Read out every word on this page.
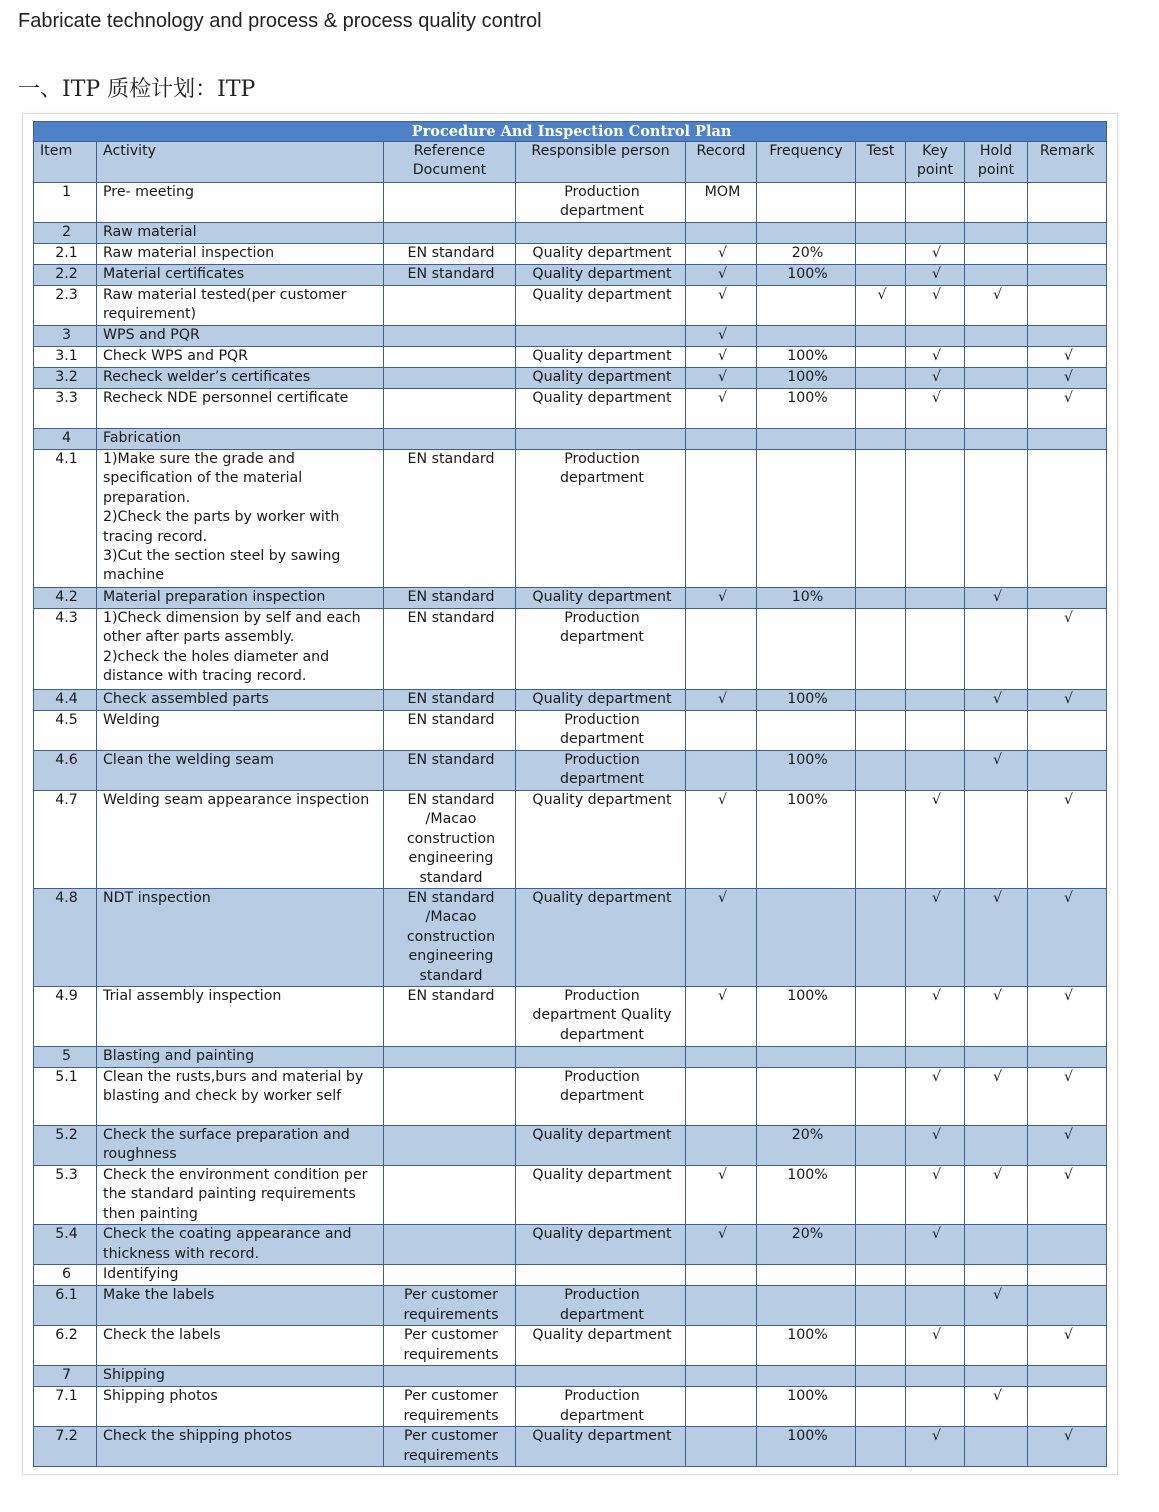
Fabricate technology and process & process quality control
一、ITP 质检计划：ITP
Procedure And Inspection Control Plan									
Item	Activity	Reference Document	Responsible person	Record	Frequency	Test	Key point	Hold point	Remark
1	Pre- meeting		Production department	MOM					
2	Raw material								
2.1	Raw material inspection	EN standard	Quality department	√	20%		√		
2.2	Material certificates	EN standard	Quality department	√	100%		√		
2.3	Raw material tested(per customer requirement)		Quality department	√		√	√	√	
3	WPS and PQR			√					
3.1	Check WPS and PQR		Quality department	√	100%		√		√
3.2	Recheck welder’s certificates		Quality department	√	100%		√		√
3.3	Recheck NDE personnel certificate		Quality department	√	100%		√		√
4	Fabrication								
4.1	1)Make sure the grade and specification of the material preparation.
2)Check the parts by worker with tracing record.
3)Cut the section steel by sawing machine	EN standard	Production department						
4.2	Material preparation inspection	EN standard	Quality department	√	10%			√	
4.3	1)Check dimension by self and each other after parts assembly.
2)check the holes diameter and distance with tracing record.	EN standard	Production department						√
4.4	Check assembled parts	EN standard	Quality department	√	100%			√	√
4.5	Welding	EN standard	Production department						
4.6	Clean the welding seam	EN standard	Production department		100%			√	
4.7	Welding seam appearance inspection	EN standard /Macao construction engineering standard	Quality department	√	100%		√		√
4.8	NDT inspection	EN standard /Macao construction engineering standard	Quality department	√			√	√	√
4.9	Trial assembly inspection	EN standard	Production department Quality department	√	100%		√	√	√
5	Blasting and painting								
5.1	Clean the rusts,burs and material by blasting and check by worker self		Production department				√	√	√
5.2	Check the surface preparation and roughness		Quality department		20%		√		√
5.3	Check the environment condition per the standard painting requirements then painting		Quality department	√	100%		√	√	√
5.4	Check the coating appearance and thickness with record.		Quality department	√	20%		√		
6	Identifying								
6.1	Make the labels	Per customer requirements	Production department					√	
6.2	Check the labels	Per customer requirements	Quality department		100%		√		√
7	Shipping								
7.1	Shipping photos	Per customer requirements	Production department		100%			√	
7.2	Check the shipping photos	Per customer requirements	Quality department		100%		√		√
